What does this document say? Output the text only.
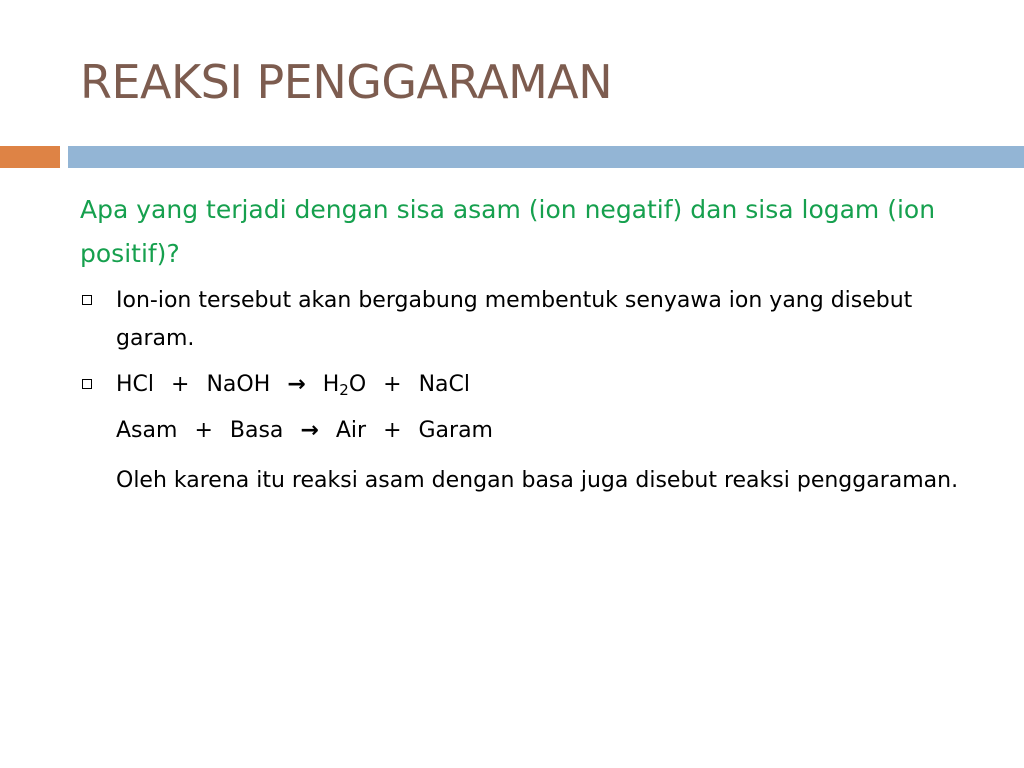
REAKSI PENGGARAMAN

Apa yang terjadi dengan sisa asam (ion negatif) dan sisa logam (ion positif)?

Ion-ion tersebut akan bergabung membentuk senyawa ion yang disebut garam.
HCl + NaOH → $H_2O$ + NaCl
Asam + Basa → Air + Garam
Oleh karena itu reaksi asam dengan basa juga disebut reaksi penggaraman.
